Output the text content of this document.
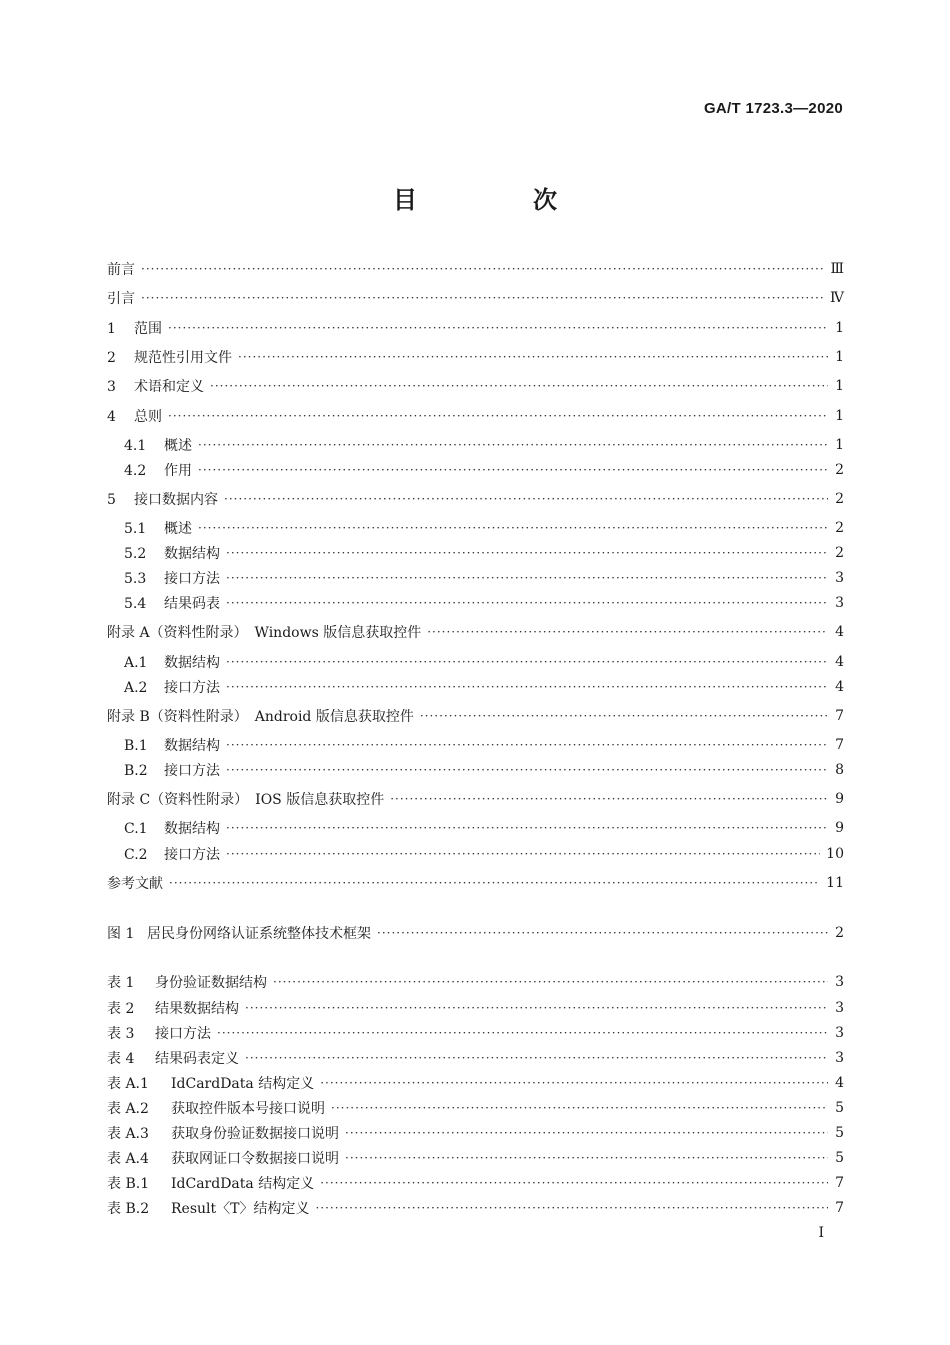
GA/T 1723.3—2020
目　次
前言 ·····	Ⅲ
引言 ·····	Ⅳ
1 范围 ·····	1
2 规范性引用文件 ·····	1
3 术语和定义 ·····	1
4 总则 ·····	1
4.1 概述 ·····	1
4.2 作用 ·····	2
5 接口数据内容 ·····	2
5.1 概述 ·····	2
5.2 数据结构 ·····	2
5.3 接口方法 ·····	3
5.4 结果码表 ·····	3
附录 A（资料性附录）　Windows 版信息获取控件 ·····	4
A.1 数据结构 ·····	4
A.2 接口方法 ·····	4
附录 B（资料性附录）　Android 版信息获取控件 ·····	7
B.1 数据结构 ·····	7
B.2 接口方法 ·····	8
附录 C（资料性附录）　IOS 版信息获取控件 ·····	9
C.1 数据结构 ·····	9
C.2 接口方法 ·····	10
参考文献 ·····	11
图 1 居民身份网络认证系统整体技术框架 ·····	2
表 1 身份验证数据结构 ·····	3
表 2 结果数据结构 ·····	3
表 3 接口方法 ·····	3
表 4 结果码表定义 ·····	3
表 A.1 IdCardData 结构定义 ·····	4
表 A.2 获取控件版本号接口说明 ·····	5
表 A.3 获取身份验证数据接口说明 ·····	5
表 A.4 获取网证口令数据接口说明 ·····	5
表 B.1 IdCardData 结构定义 ·····	7
表 B.2 Result〈T〉结构定义 ·····	7
I
